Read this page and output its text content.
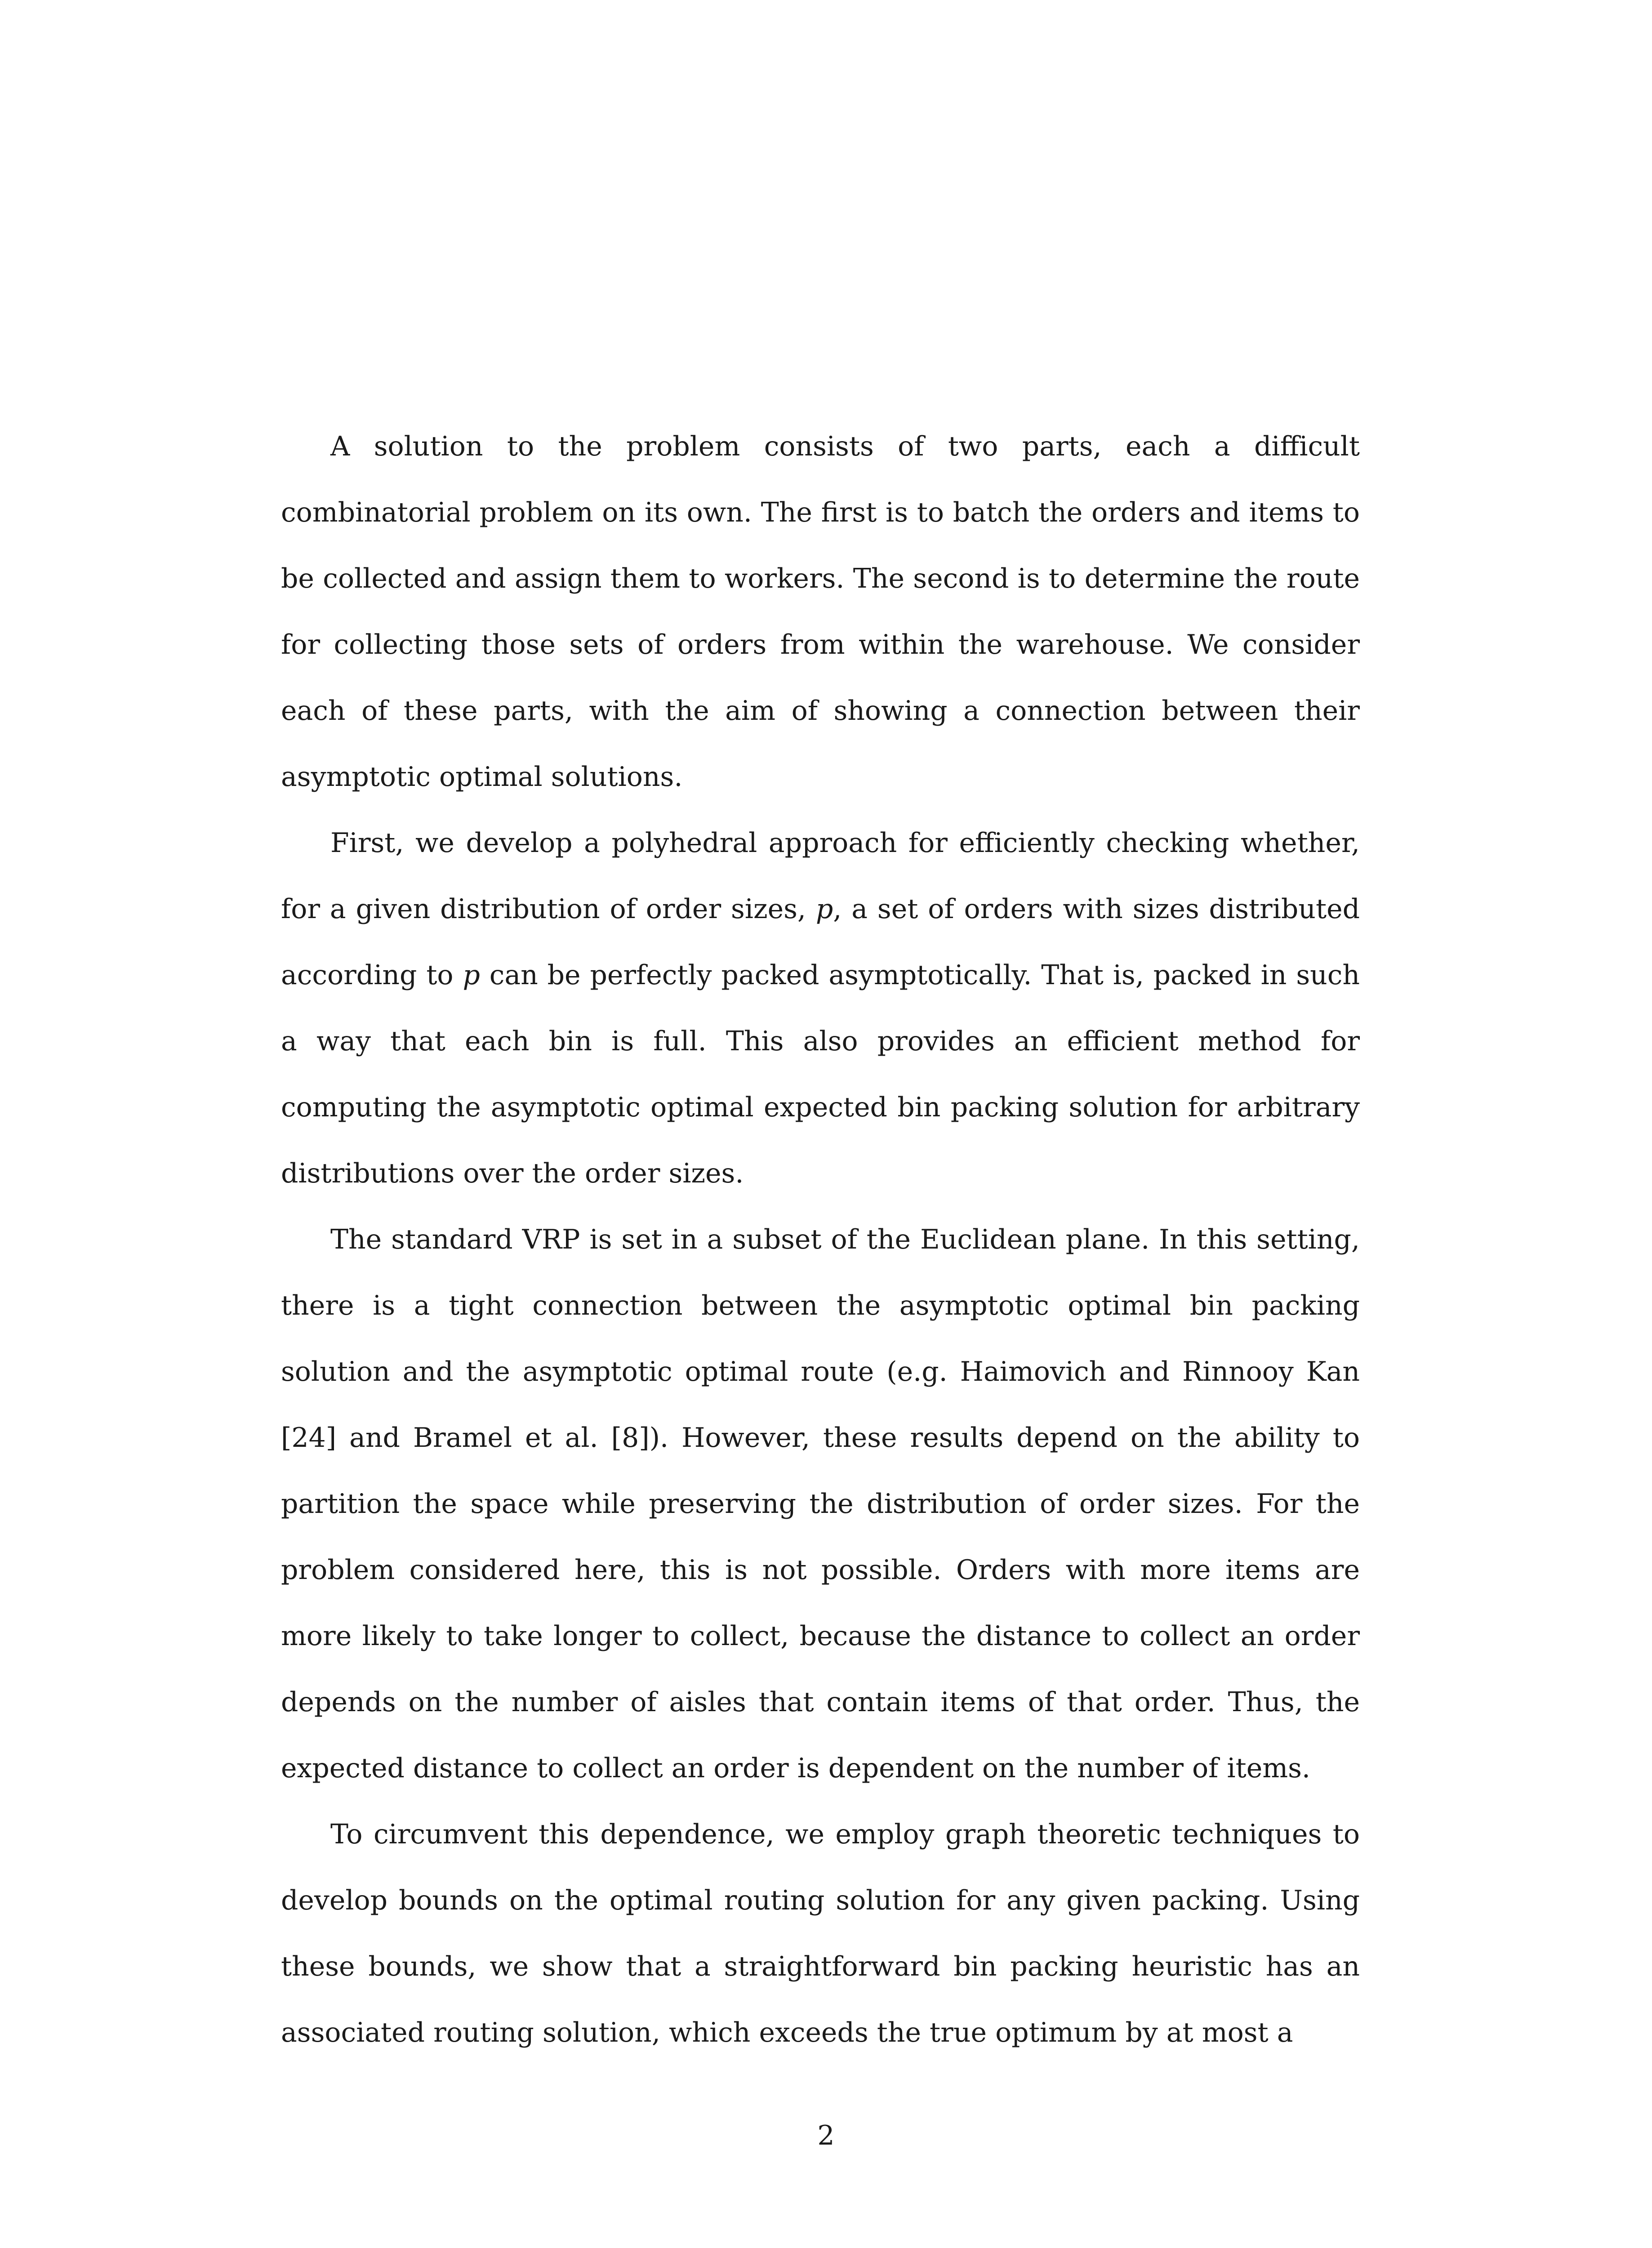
A solution to the problem consists of two parts, each a difficult combinatorial problem on its own. The first is to batch the orders and items to be collected and assign them to workers. The second is to determine the route for collecting those sets of orders from within the warehouse. We consider each of these parts, with the aim of showing a connection between their asymptotic optimal solutions.

First, we develop a polyhedral approach for efficiently checking whether, for a given distribution of order sizes, p, a set of orders with sizes distributed according to p can be perfectly packed asymptotically. That is, packed in such a way that each bin is full. This also provides an efficient method for computing the asymptotic optimal expected bin packing solution for arbitrary distributions over the order sizes.

The standard VRP is set in a subset of the Euclidean plane. In this setting, there is a tight connection between the asymptotic optimal bin packing solution and the asymptotic optimal route (e.g. Haimovich and Rinnooy Kan [24] and Bramel et al. [8]). However, these results depend on the ability to partition the space while preserving the distribution of order sizes. For the problem considered here, this is not possible. Orders with more items are more likely to take longer to collect, because the distance to collect an order depends on the number of aisles that contain items of that order. Thus, the expected distance to collect an order is dependent on the number of items.

To circumvent this dependence, we employ graph theoretic techniques to develop bounds on the optimal routing solution for any given packing. Using these bounds, we show that a straightforward bin packing heuristic has an associated routing solution, which exceeds the true optimum by at most a

2
